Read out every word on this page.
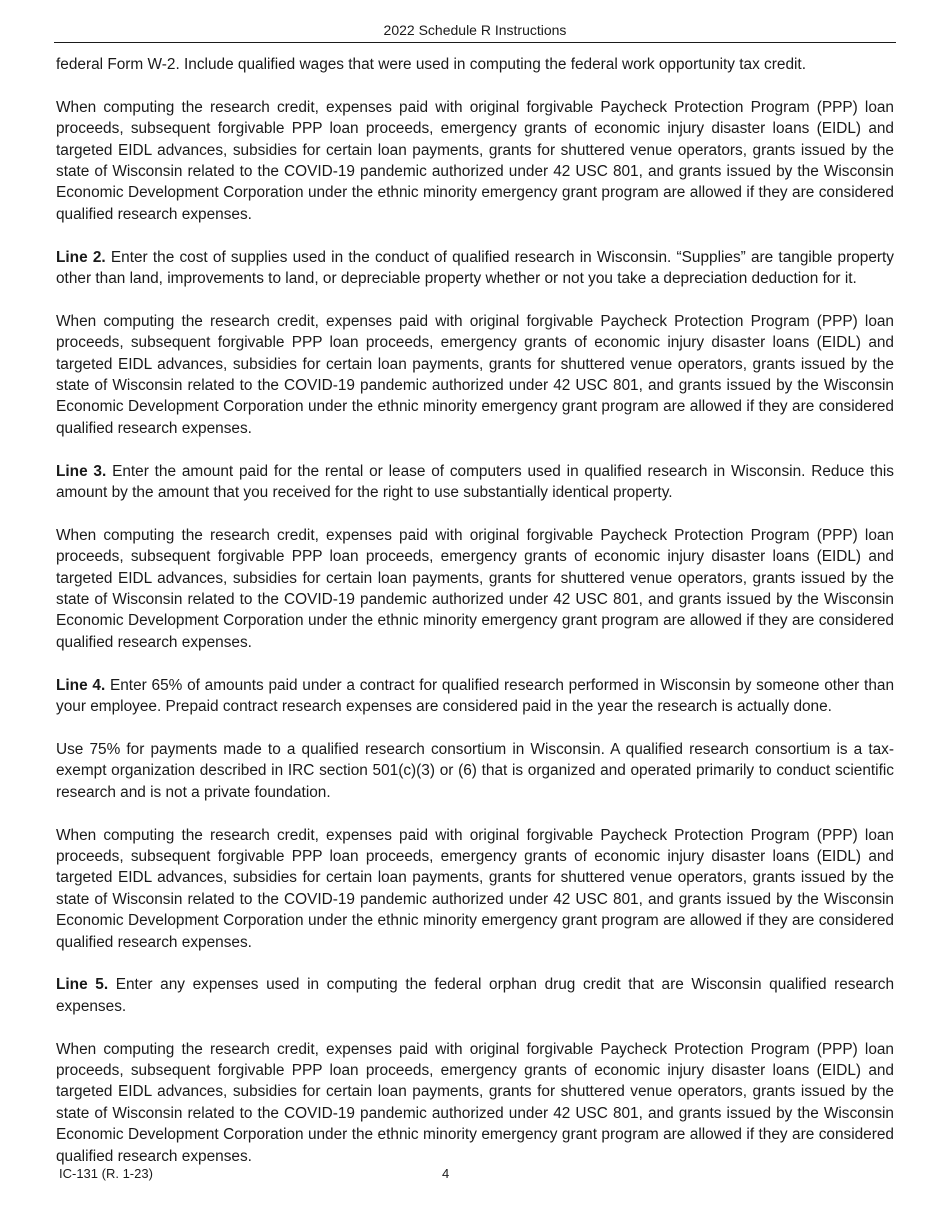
2022 Schedule R Instructions

federal Form W-2. Include qualified wages that were used in computing the federal work opportunity tax credit.

When computing the research credit, expenses paid with original forgivable Paycheck Protection Program (PPP) loan proceeds, subsequent forgivable PPP loan proceeds, emergency grants of economic injury disaster loans (EIDL) and targeted EIDL advances, subsidies for certain loan payments, grants for shuttered venue operators, grants issued by the state of Wisconsin related to the COVID-19 pandemic authorized under 42 USC 801, and grants issued by the Wisconsin Economic Development Corporation under the ethnic minority emergency grant program are allowed if they are considered qualified research expenses.

Line 2. Enter the cost of supplies used in the conduct of qualified research in Wisconsin. “Supplies” are tangible property other than land, improvements to land, or depreciable property whether or not you take a depreciation deduction for it.

When computing the research credit, expenses paid with original forgivable Paycheck Protection Program (PPP) loan proceeds, subsequent forgivable PPP loan proceeds, emergency grants of economic injury disaster loans (EIDL) and targeted EIDL advances, subsidies for certain loan payments, grants for shuttered venue operators, grants issued by the state of Wisconsin related to the COVID-19 pandemic authorized under 42 USC 801, and grants issued by the Wisconsin Economic Development Corporation under the ethnic minority emergency grant program are allowed if they are considered qualified research expenses.

Line 3. Enter the amount paid for the rental or lease of computers used in qualified research in Wisconsin. Reduce this amount by the amount that you received for the right to use substantially identical property.

When computing the research credit, expenses paid with original forgivable Paycheck Protection Program (PPP) loan proceeds, subsequent forgivable PPP loan proceeds, emergency grants of economic injury disaster loans (EIDL) and targeted EIDL advances, subsidies for certain loan payments, grants for shuttered venue operators, grants issued by the state of Wisconsin related to the COVID-19 pandemic authorized under 42 USC 801, and grants issued by the Wisconsin Economic Development Corporation under the ethnic minority emergency grant program are allowed if they are considered qualified research expenses.

Line 4. Enter 65% of amounts paid under a contract for qualified research performed in Wisconsin by someone other than your employee. Prepaid contract research expenses are considered paid in the year the research is actually done.

Use 75% for payments made to a qualified research consortium in Wisconsin. A qualified research consortium is a tax-exempt organization described in IRC section 501(c)(3) or (6) that is organized and operated primarily to conduct scientific research and is not a private foundation.

When computing the research credit, expenses paid with original forgivable Paycheck Protection Program (PPP) loan proceeds, subsequent forgivable PPP loan proceeds, emergency grants of economic injury disaster loans (EIDL) and targeted EIDL advances, subsidies for certain loan payments, grants for shuttered venue operators, grants issued by the state of Wisconsin related to the COVID-19 pandemic authorized under 42 USC 801, and grants issued by the Wisconsin Economic Development Corporation under the ethnic minority emergency grant program are allowed if they are considered qualified research expenses.

Line 5. Enter any expenses used in computing the federal orphan drug credit that are Wisconsin qualified research expenses.

When computing the research credit, expenses paid with original forgivable Paycheck Protection Program (PPP) loan proceeds, subsequent forgivable PPP loan proceeds, emergency grants of economic injury disaster loans (EIDL) and targeted EIDL advances, subsidies for certain loan payments, grants for shuttered venue operators, grants issued by the state of Wisconsin related to the COVID-19 pandemic authorized under 42 USC 801, and grants issued by the Wisconsin Economic Development Corporation under the ethnic minority emergency grant program are allowed if they are considered qualified research expenses.

IC-131 (R. 1-23)	4
